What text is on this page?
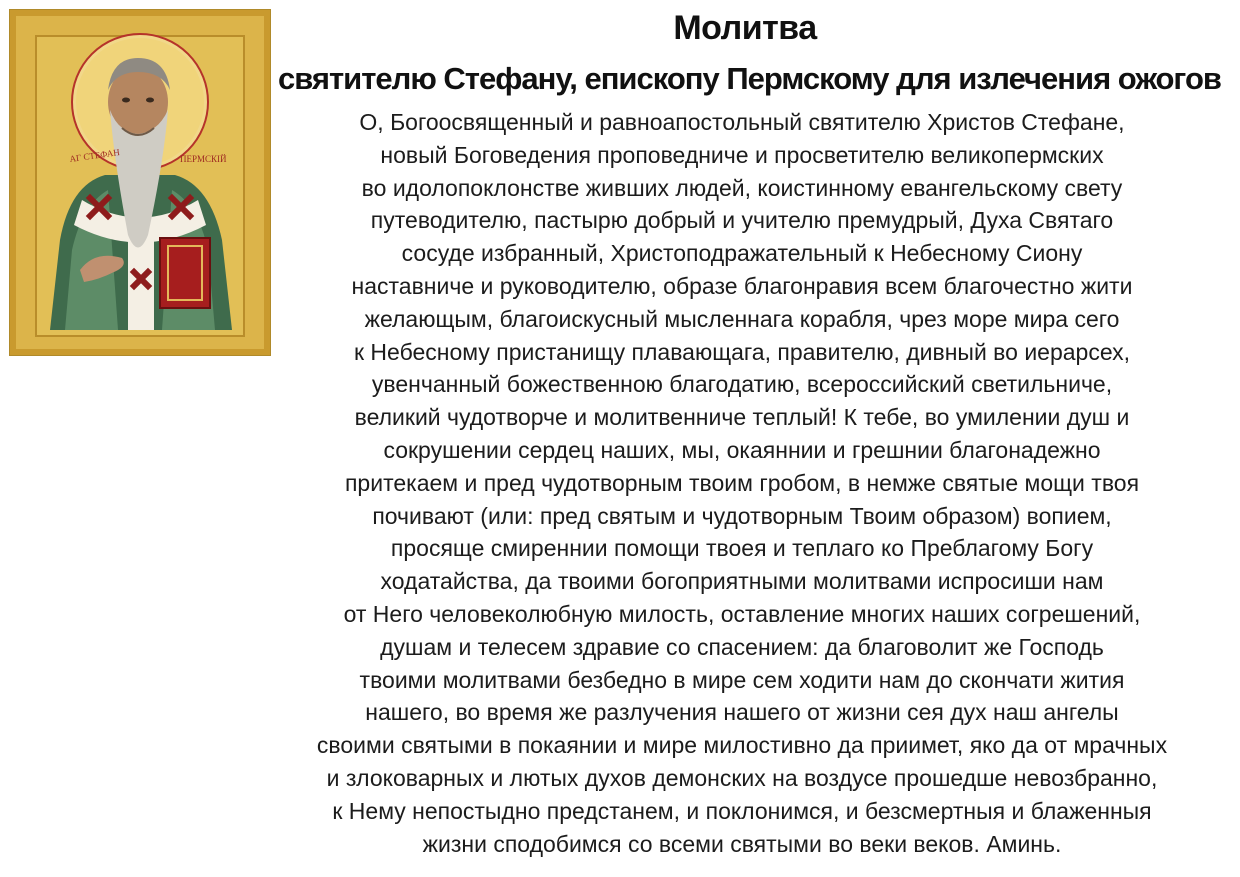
АГ СТЕФАН	ПЕРМСКІЙ
Молитва
святителю Стефану, епископу Пермскому для излечения ожогов
О, Богоосвященный и равноапостольный святителю Христов Стефане,
новый Боговедения проповедниче и просветителю великопермских
во идолопоклонстве живших людей, коистинному евангельскому свету
путеводителю, пастырю добрый и учителю премудрый, Духа Святаго
сосуде избранный, Христоподражательный к Небесному Сиону
наставниче и руководителю, образе благонравия всем благочестно жити
желающым, благоискусный мысленнага корабля, чрез море мира сего
к Небесному пристанищу плавающага, правителю, дивный во иерарсех,
увенчанный божественною благодатию, всероссийский светильниче,
великий чудотворче и молитвенниче теплый! К тебе, во умилении душ и
сокрушении сердец наших, мы, окаяннии и грешнии благонадежно
притекаем и пред чудотворным твоим гробом, в немже святые мощи твоя
почивают (или: пред святым и чудотворным Твоим образом) вопием,
просяще смиреннии помощи твоея и теплаго ко Преблагому Богу
ходатайства, да твоими богоприятными молитвами испросиши нам
от Него человеколюбную милость, оставление многих наших согрешений,
душам и телесем здравие со спасением: да благоволит же Господь
твоими молитвами безбедно в мире сем ходити нам до скончати жития
нашего, во время же разлучения нашего от жизни сея дух наш ангелы
своими святыми в покаянии и мире милостивно да приимет, яко да от мрачных
и злоковарных и лютых духов демонских на воздусе прошедше невозбранно,
к Нему непостыдно предстанем, и поклонимся, и безсмертныя и блаженныя
жизни сподобимся со всеми святыми во веки веков. Аминь.
